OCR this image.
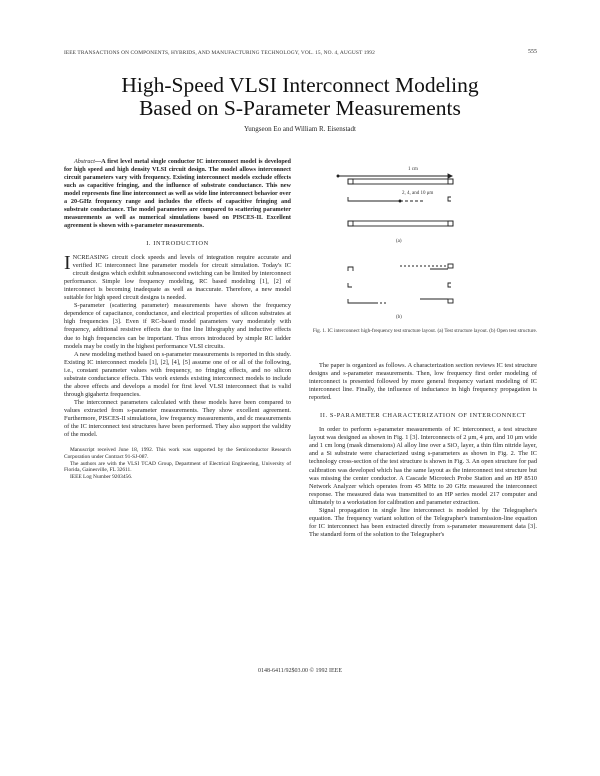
IEEE TRANSACTIONS ON COMPONENTS, HYBRIDS, AND MANUFACTURING TECHNOLOGY, VOL. 15, NO. 4, AUGUST 1992	555
High-Speed VLSI Interconnect Modeling
Based on S-Parameter Measurements
Yungseon Eo and William R. Eisenstadt

Abstract—A first level metal single conductor IC interconnect model is developed for high speed and high density VLSI circuit design. The model allows interconnect circuit parameters vary with frequency. Existing interconnect models exclude effects such as capacitive fringing, and the influence of substrate conductance. This new model represents fine line interconnect as well as wide line interconnect behavior over a 20-GHz frequency range and includes the effects of capacitive fringing and substrate conductance. The model parameters are compared to scattering parameter measurements as well as numerical simulations based on PISCES-II. Excellent agreement is shown with s-parameter measurements.

I. INTRODUCTION

INCREASING circuit clock speeds and levels of integration require accurate and verified IC interconnect line parameter models for circuit simulation. Today's IC circuit designs which exhibit subnanosecond switching can be limited by interconnect performance. Simple low frequency modeling, RC based modeling [1], [2] of interconnect is becoming inadequate as well as inaccurate. Therefore, a new model suitable for high speed circuit designs is needed.

S-parameter (scattering parameter) measurements have shown the frequency dependence of capacitance, conductance, and electrical properties of silicon substrates at high frequencies [3]. Even if RC-based model parameters vary moderately with frequency, additional resistive effects due to fine line lithography and inductive effects due to high frequencies can be important. Thus errors introduced by simple RC ladder models may be costly in the highest performance VLSI circuits.

A new modeling method based on s-parameter measurements is reported in this study. Existing IC interconnect models [1], [2], [4], [5] assume one of or all of the following, i.e., constant parameter values with frequency, no fringing effects, and no silicon substrate conductance effects. This work extends existing interconnect models to include the above effects and develops a model for first level VLSI interconnect that is valid through gigahertz frequencies.

The interconnect parameters calculated with these models have been compared to values extracted from s-parameter measurements. They show excellent agreement. Furthermore, PISCES-II simulations, low frequency measurements, and dc measurements of the IC interconnect test structures have been performed. They also support the validity of the model.

Manuscript received June 18, 1992. This work was supported by the Semiconductor Research Corporation under Contract 91-SJ-087.

The authors are with the VLSI TCAD Group, Department of Electrical Engineering, University of Florida, Gainesville, FL 32611.

IEEE Log Number 9203456.

1 cm
2, 4, and 10 μm
(a)
(b)
Fig. 1. IC interconnect high-frequency test structure layout. (a) Test structure layout. (b) Open test structure.

The paper is organized as follows. A characterization section reviews IC test structure designs and s-parameter measurements. Then, low frequency first order modeling of interconnect is presented followed by more general frequency variant modeling of IC interconnect line. Finally, the influence of inductance in high frequency propagation is reported.

II. S-PARAMETER CHARACTERIZATION OF INTERCONNECT

In order to perform s-parameter measurements of IC interconnect, a test structure layout was designed as shown in Fig. 1 [3]. Interconnects of 2 μm, 4 μm, and 10 μm wide and 1 cm long (mask dimensions) Al alloy line over a SiO₂ layer, a thin film nitride layer, and a Si substrate were characterized using s-parameters as shown in Fig. 2. The IC technology cross-section of the test structure is shown in Fig. 3. An open structure for pad calibration was developed which has the same layout as the interconnect test structure but was missing the center conductor. A Cascade Microtech Probe Station and an HP 8510 Network Analyzer which operates from 45 MHz to 20 GHz measured the interconnect response. The measured data was transmitted to an HP series model 217 computer and ultimately to a workstation for calibration and parameter extraction.

Signal propagation in single line interconnect is modeled by the Telegrapher's equation. The frequency variant solution of the Telegrapher's transmission-line equation for IC interconnect has been extracted directly from s-parameter measurement data [3]. The standard form of the solution to the Telegrapher's

0148-6411/92$03.00 © 1992 IEEE
